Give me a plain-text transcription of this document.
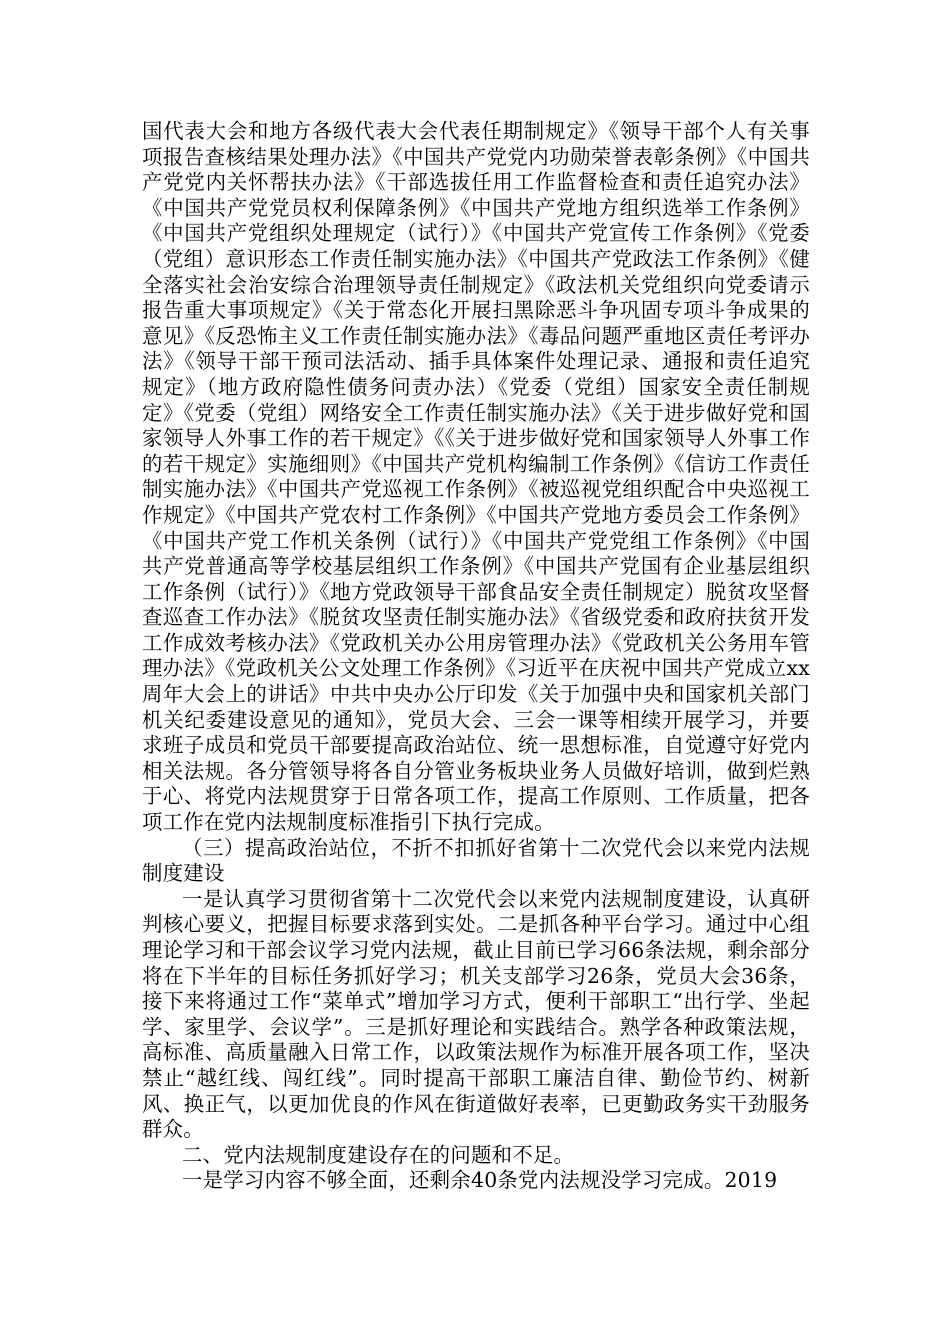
国代表大会和地方各级代表大会代表任期制规定》《领导干部个人有关事项报告查核结果处理办法》《中国共产党党内功勋荣誉表彰条例》《中国共产党党内关怀帮扶办法》《干部选拔任用工作监督检查和责任追究办法》《中国共产党党员权利保障条例》《中国共产党地方组织选举工作条例》《中国共产党组织处理规定（试行）》《中国共产党宣传工作条例》《党委（党组）意识形态工作责任制实施办法》《中国共产党政法工作条例》《健全落实社会治安综合治理领导责任制规定》《政法机关党组织向党委请示报告重大事项规定》《关于常态化开展扫黑除恶斗争巩固专项斗争成果的意见》《反恐怖主义工作责任制实施办法》《毒品问题严重地区责任考评办法》《领导干部干预司法活动、插手具体案件处理记录、通报和责任追究规定》（地方政府隐性债务问责办法）《党委（党组）国家安全责任制规定》《党委（党组）网络安全工作责任制实施办法》《关于进步做好党和国家领导人外事工作的若干规定》《《关于进步做好党和国家领导人外事工作的若干规定》实施细则》《中国共产党机构编制工作条例》《信访工作责任制实施办法》《中国共产党巡视工作条例》《被巡视党组织配合中央巡视工作规定》《中国共产党农村工作条例》《中国共产党地方委员会工作条例》《中国共产党工作机关条例（试行）》《中国共产党党组工作条例》《中国共产党普通高等学校基层组织工作条例》《中国共产党国有企业基层组织工作条例（试行）》《地方党政领导干部食品安全责任制规定）脱贫攻坚督查巡查工作办法》《脱贫攻坚责任制实施办法》《省级党委和政府扶贫开发工作成效考核办法》《党政机关办公用房管理办法》《党政机关公务用车管理办法》《党政机关公文处理工作条例》《习近平在庆祝中国共产党成立xx周年大会上的讲话》中共中央办公厅印发《关于加强中央和国家机关部门机关纪委建设意见的通知》，党员大会、三会一课等相续开展学习，并要求班子成员和党员干部要提高政治站位、统一思想标准，自觉遵守好党内相关法规。各分管领导将各自分管业务板块业务人员做好培训，做到烂熟于心、将党内法规贯穿于日常各项工作，提高工作原则、工作质量，把各项工作在党内法规制度标准指引下执行完成。

（三）提高政治站位，不折不扣抓好省第十二次党代会以来党内法规制度建设

一是认真学习贯彻省第十二次党代会以来党内法规制度建设，认真研判核心要义，把握目标要求落到实处。二是抓各种平台学习。通过中心组理论学习和干部会议学习党内法规，截止目前已学习66条法规，剩余部分将在下半年的目标任务抓好学习；机关支部学习26条，党员大会36条，接下来将通过工作“菜单式”增加学习方式，便利干部职工“出行学、坐起学、家里学、会议学”。三是抓好理论和实践结合。熟学各种政策法规，高标准、高质量融入日常工作，以政策法规作为标准开展各项工作，坚决禁止“越红线、闯红线”。同时提高干部职工廉洁自律、勤俭节约、树新风、换正气，以更加优良的作风在街道做好表率，已更勤政务实干劲服务群众。

二、党内法规制度建设存在的问题和不足。

一是学习内容不够全面，还剩余40条党内法规没学习完成。2019
